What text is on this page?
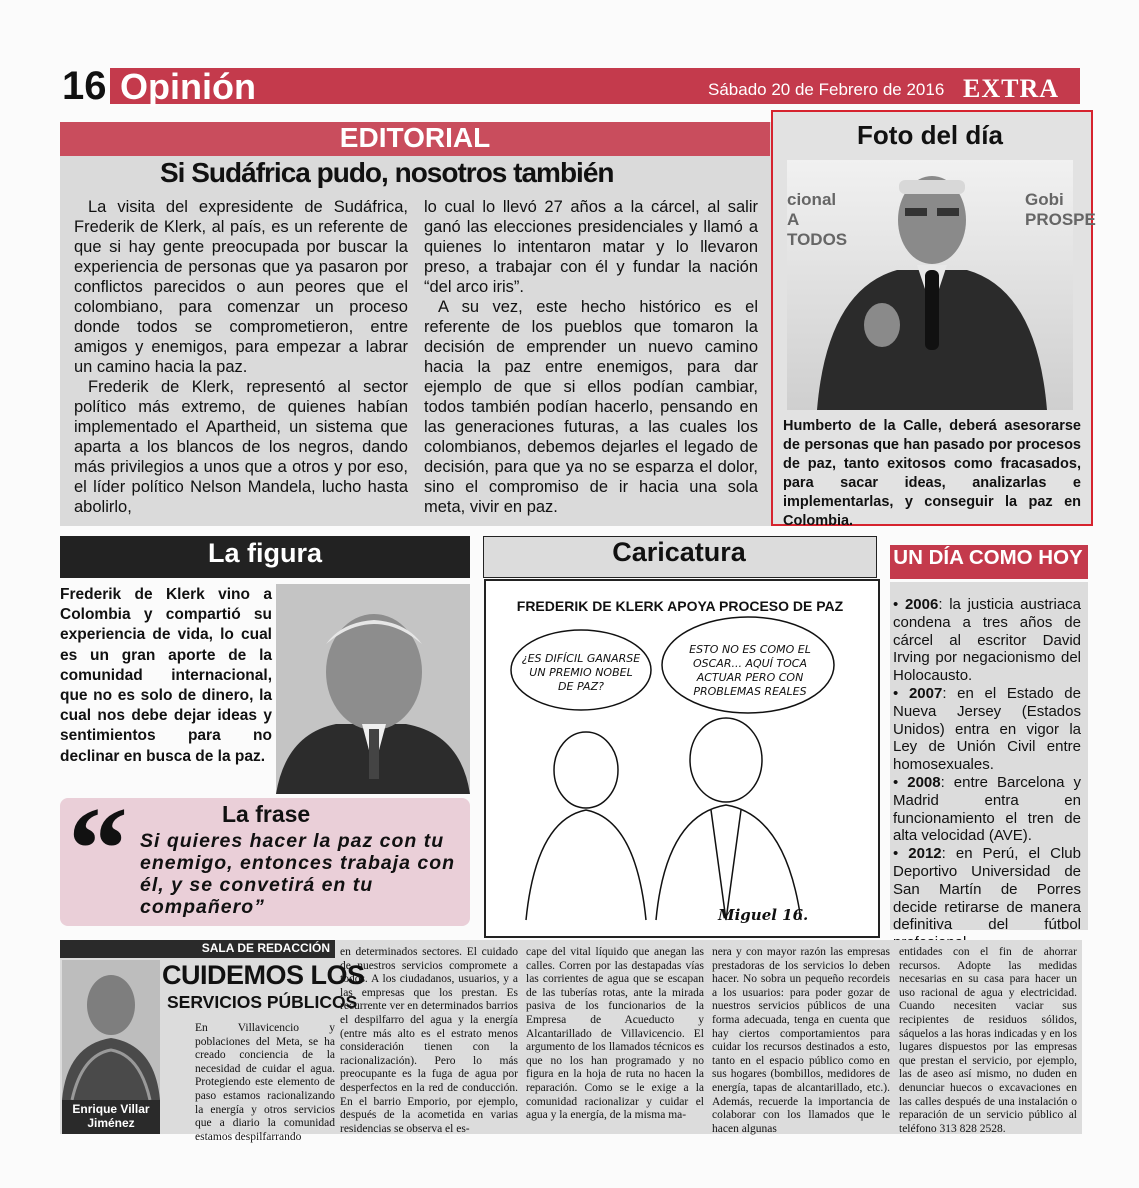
16 Opinión	Sábado 20 de Febrero de 2016 EXTRA
EDITORIAL
Si Sudáfrica pudo, nosotros también

La visita del expresidente de Sudáfrica, Frederik de Klerk, al país, es un referente de que si hay gente preocupada por buscar la experiencia de personas que ya pasaron por conflictos parecidos o aun peores que el colombiano, para comenzar un proceso donde todos se comprometieron, entre amigos y enemigos, para empezar a labrar un camino hacia la paz.

Frederik de Klerk, representó al sector político más extremo, de quienes habían implementado el Apartheid, un sistema que aparta a los blancos de los negros, dando más privilegios a unos que a otros y por eso, el líder político Nelson Mandela, lucho hasta abolirlo,

lo cual lo llevó 27 años a la cárcel, al salir ganó las elecciones presidenciales y llamó a quienes lo intentaron matar y lo llevaron preso, a trabajar con él y fundar la nación “del arco iris”.

A su vez, este hecho histórico es el referente de los pueblos que tomaron la decisión de emprender un nuevo camino hacia la paz entre enemigos, para dar ejemplo de que si ellos podían cambiar, todos también podían hacerlo, pensando en las generaciones futuras, a las cuales los colombianos, debemos dejarles el legado de decisión, para que ya no se esparza el dolor, sino el compromiso de ir hacia una sola meta, vivir en paz.

Foto del día
cional
A TODOS
Gobi
PROSPE
Humberto de la Calle, deberá asesorarse de personas que han pasado por procesos de paz, tanto exitosos como fracasados, para sacar ideas, analizarlas e implementarlas, y conseguir la paz en Colombia.
La figura
Frederik de Klerk vino a Colombia y compartió su experiencia de vida, lo cual es un gran aporte de la comunidad internacional, que no es solo de dinero, la cual nos debe dejar ideas y sentimientos para no declinar en busca de la paz.
La frase
“ Si quieres hacer la paz con tu enemigo, entonces trabaja con él, y se convetirá en tu compañero”
Caricatura
FREDERIK DE KLERK APOYA PROCESO DE PAZ
¿ES DIFÍCIL GANARSE UN PREMIO NOBEL DE PAZ?
ESTO NO ES COMO EL OSCAR... AQUÍ TOCA ACTUAR PERO CON PROBLEMAS REALES
Miguel 16.
UN DÍA COMO HOY

• 2006: la justicia austriaca condena a tres años de cárcel al escritor David Irving por negacionismo del Holocausto.

• 2007: en el Estado de Nueva Jersey (Estados Unidos) entra en vigor la Ley de Unión Civil entre homosexuales.

• 2008: entre Barcelona y Madrid entra en funcionamiento el tren de alta velocidad (AVE).

• 2012: en Perú, el Club Deportivo Universidad de San Martín de Porres decide retirarse de manera definitiva del fútbol

SALA DE REDACCIÓN
CUIDEMOS LOS
SERVICIOS PÚBLICOS
Enrique Villar Jiménez
En Villavicencio y poblaciones del Meta, se ha creado conciencia de la necesidad de cuidar el agua. Protegiendo este elemento de paso estamos racionalizando la energía y otros servicios que a diario la comunidad estamos despilfarrando
en determinados sectores. El cuidado de nuestros servicios compromete a todos. A los ciudadanos, usuarios, y a las empresas que los prestan. Es recurrente ver en determinados barrios el despilfarro del agua y la energía (entre más alto es el estrato menos consideración tienen con la racionalización). Pero lo más preocupante es la fuga de agua por desperfectos en la red de conducción. En el barrio Emporio, por ejemplo, después de la acometida en varias residencias se observa el es-
cape del vital líquido que anegan las calles. Corren por las destapadas vías las corrientes de agua que se escapan de las tuberías rotas, ante la mirada pasiva de los funcionarios de la Empresa de Acueducto y Alcantarillado de Villavicencio. El argumento de los llamados técnicos es que no los han programado y no figura en la hoja de ruta no hacen la reparación. Como se le exige a la comunidad racionalizar y cuidar el agua y la energía, de la misma ma-
nera y con mayor razón las empresas prestadoras de los servicios lo deben hacer. No sobra un pequeño recordeis a los usuarios: para poder gozar de nuestros servicios públicos de una forma adecuada, tenga en cuenta que hay ciertos comportamientos para cuidar los recursos destinados a esto, tanto en el espacio público como en sus hogares (bombillos, medidores de energía, tapas de alcantarillado, etc.). Además, recuerde la importancia de colaborar con los llamados que le hacen algunas
entidades con el fin de ahorrar recursos. Adopte las medidas necesarias en su casa para hacer un uso racional de agua y electricidad. Cuando necesiten vaciar sus recipientes de residuos sólidos, sáquelos a las horas indicadas y en los lugares dispuestos por las empresas que prestan el servicio, por ejemplo, las de aseo así mismo, no duden en denunciar huecos o excavaciones en las calles después de una instalación o reparación de un servicio público al teléfono 313 828 2528.
